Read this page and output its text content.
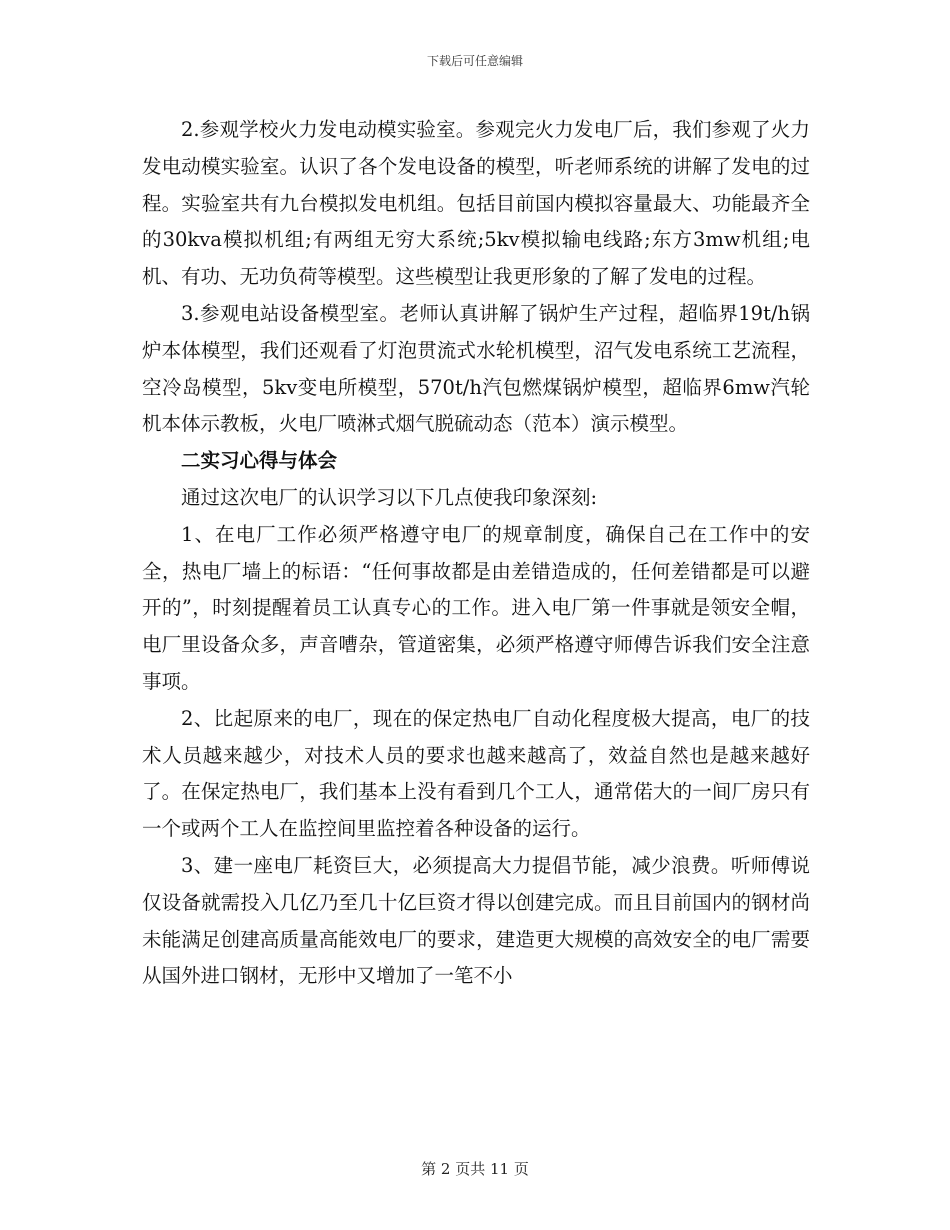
下载后可任意编辑

2.参观学校火力发电动模实验室。参观完火力发电厂后，我们参观了火力发电动模实验室。认识了各个发电设备的模型，听老师系统的讲解了发电的过程。实验室共有九台模拟发电机组。包括目前国内模拟容量最大、功能最齐全的30kva模拟机组;有两组无穷大系统;5kv模拟输电线路;东方3mw机组;电机、有功、无功负荷等模型。这些模型让我更形象的了解了发电的过程。

3.参观电站设备模型室。老师认真讲解了锅炉生产过程，超临界19t/h锅炉本体模型，我们还观看了灯泡贯流式水轮机模型，沼气发电系统工艺流程，空冷岛模型，5kv变电所模型，570t/h汽包燃煤锅炉模型，超临界6mw汽轮机本体示教板，火电厂喷淋式烟气脱硫动态（范本）演示模型。

二实习心得与体会

通过这次电厂的认识学习以下几点使我印象深刻:

1、在电厂工作必须严格遵守电厂的规章制度，确保自己在工作中的安全，热电厂墙上的标语：“任何事故都是由差错造成的，任何差错都是可以避开的”，时刻提醒着员工认真专心的工作。进入电厂第一件事就是领安全帽，电厂里设备众多，声音嘈杂，管道密集，必须严格遵守师傅告诉我们安全注意事项。

2、比起原来的电厂，现在的保定热电厂自动化程度极大提高，电厂的技术人员越来越少，对技术人员的要求也越来越高了，效益自然也是越来越好了。在保定热电厂，我们基本上没有看到几个工人，通常偌大的一间厂房只有一个或两个工人在监控间里监控着各种设备的运行。

3、建一座电厂耗资巨大，必须提高大力提倡节能，减少浪费。听师傅说仅设备就需投入几亿乃至几十亿巨资才得以创建完成。而且目前国内的钢材尚未能满足创建高质量高能效电厂的要求，建造更大规模的高效安全的电厂需要从国外进口钢材，无形中又增加了一笔不小

第 2 页共 11 页
